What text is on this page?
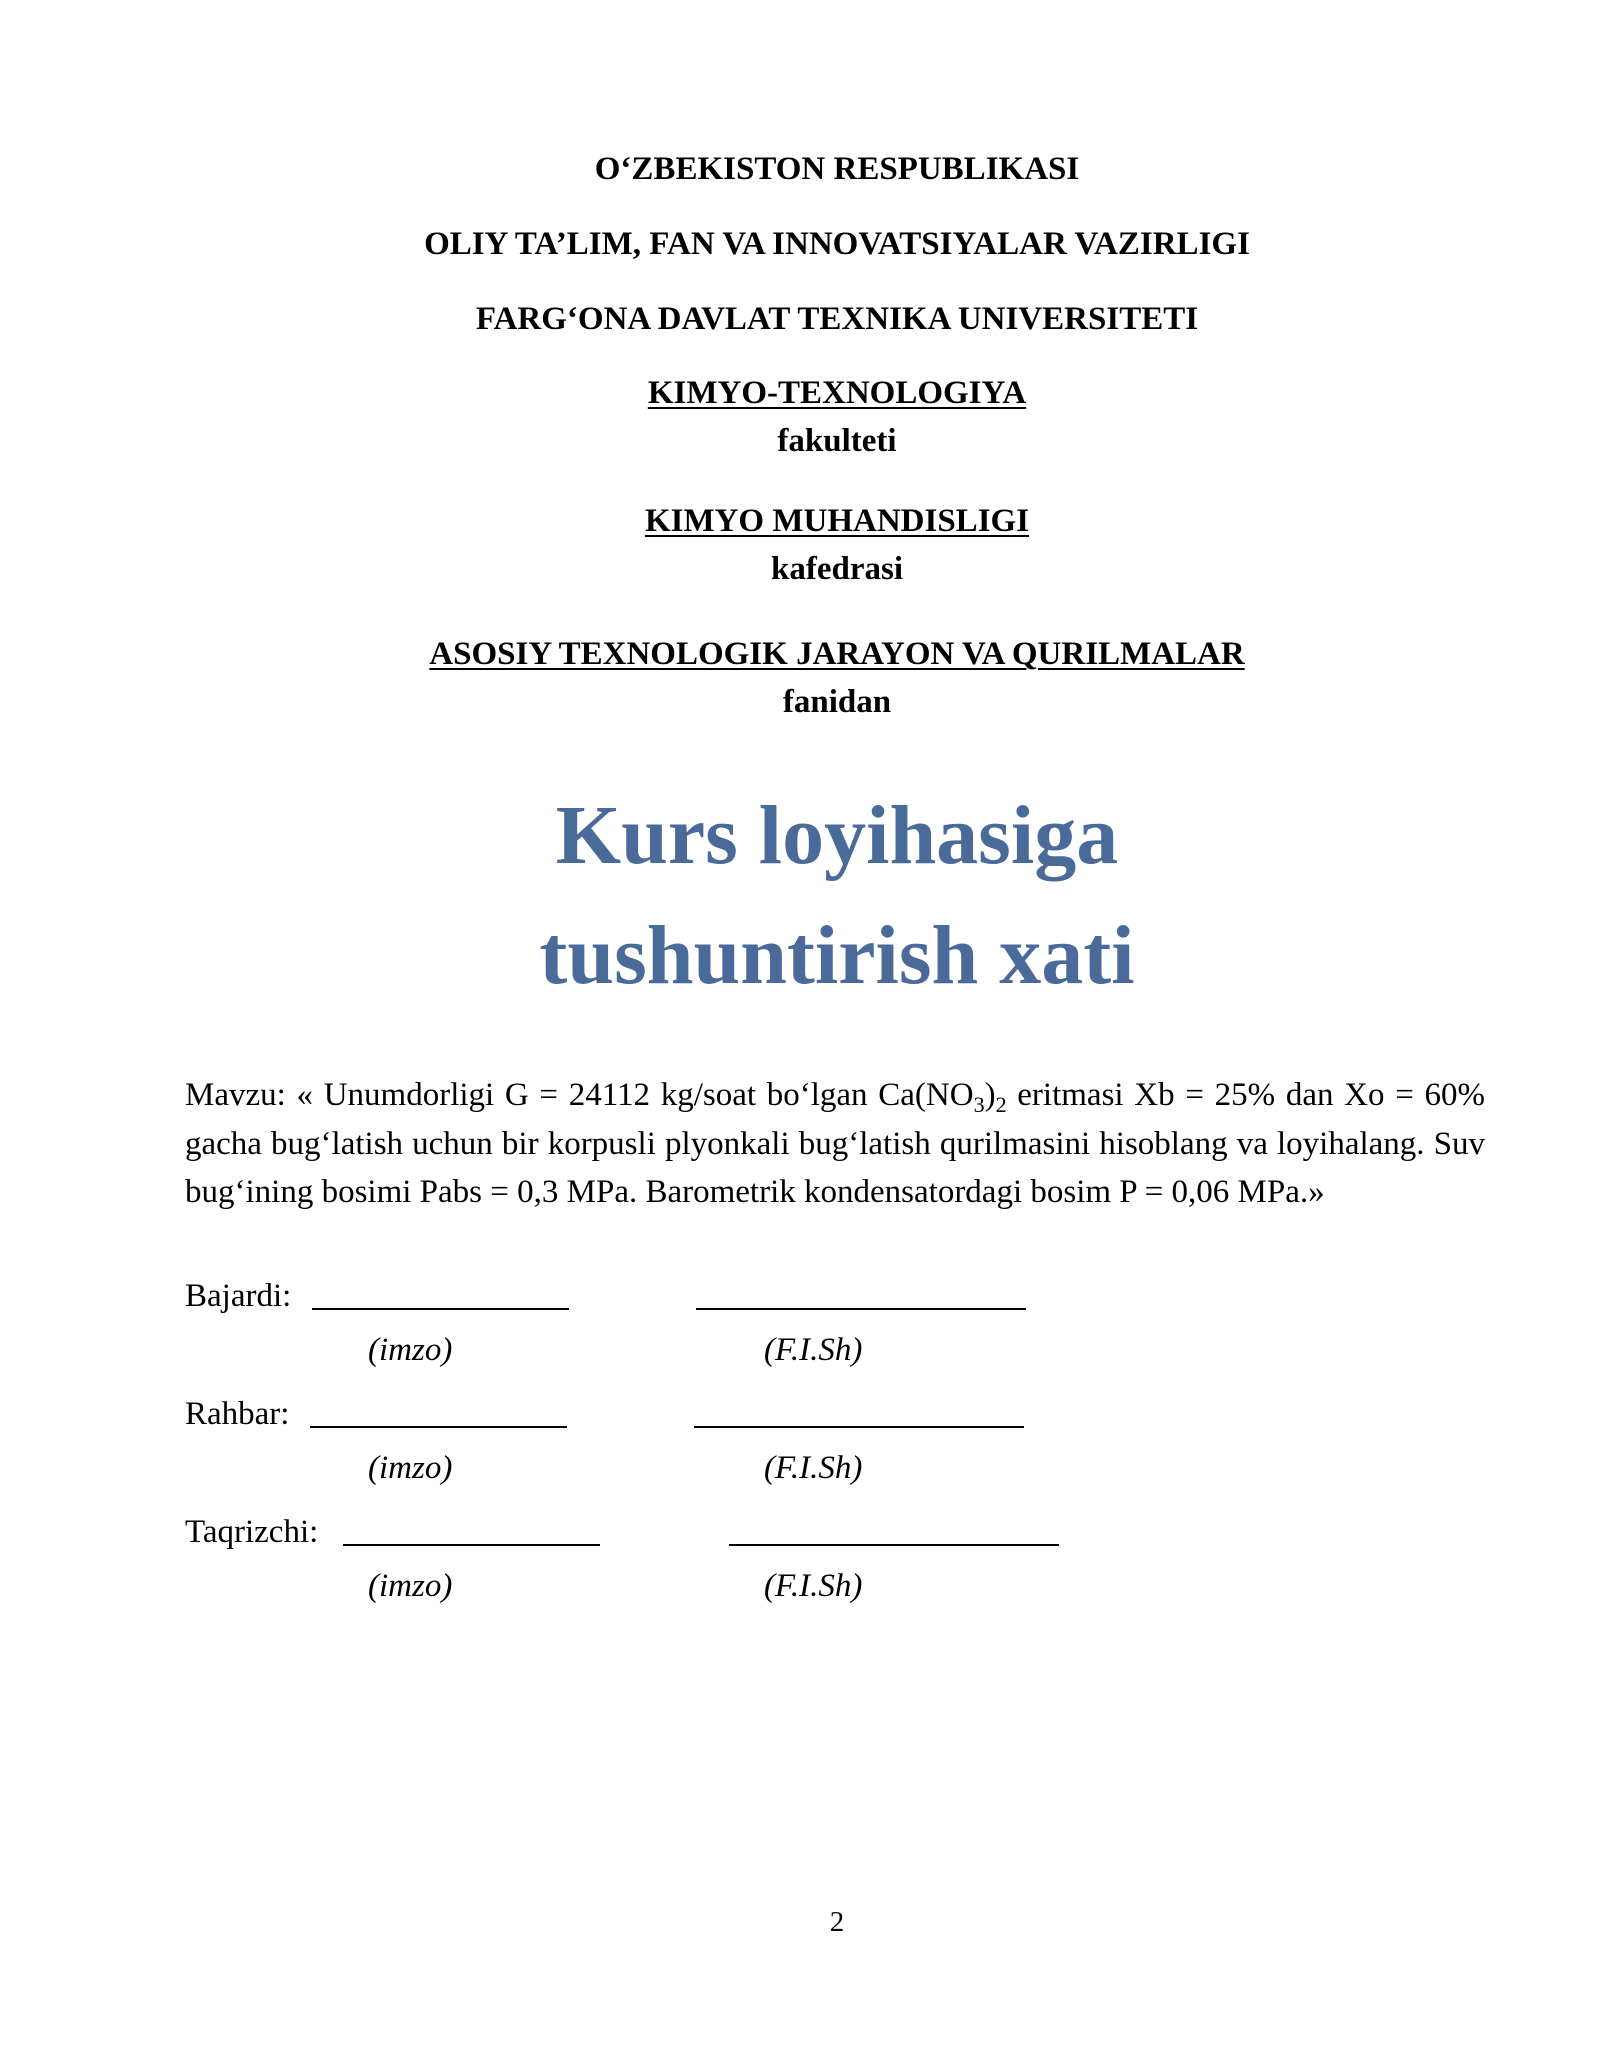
O‘ZBEKISTON RESPUBLIKASI
OLIY TA’LIM, FAN VA INNOVATSIYALAR VAZIRLIGI
FARG‘ONA DAVLAT TEXNIKA UNIVERSITETI
KIMYO-TEXNOLOGIYA
fakulteti
KIMYO MUHANDISLIGI
kafedrasi
ASOSIY TEXNOLOGIK JARAYON VA QURILMALAR
fanidan
Kurs loyihasiga
tushuntirish xati
Mavzu: « Unumdorligi G = 24112 kg/soat bo‘lgan $Ca(NO_3)_2$ eritmasi Xb = 25% dan Xo = 60% gacha bug‘latish uchun bir korpusli plyonkali bug‘latish qurilmasini hisoblang va loyihalang. Suv bug‘ining bosimi Pabs = 0,3 MPa. Barometrik kondensatordagi bosim P = 0,06 MPa.»
Bajardi:
(imzo)	(F.I.Sh)
Rahbar:
(imzo)	(F.I.Sh)
Taqrizchi:
(imzo)	(F.I.Sh)
2
